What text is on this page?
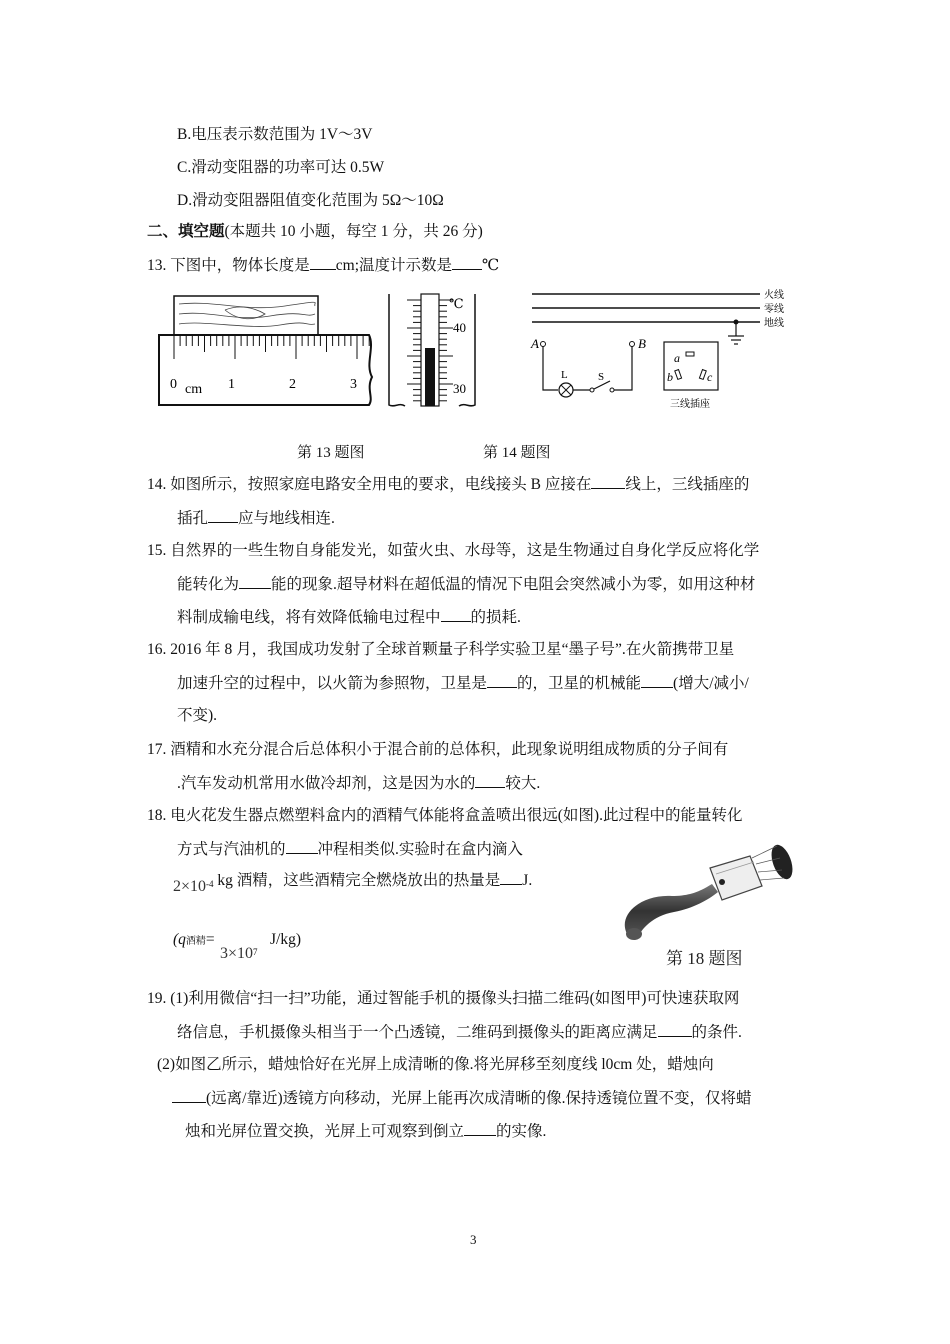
B.电压表示数范围为 1V～3V
C.滑动变阻器的功率可达 0.5W
D.滑动变阻器阻值变化范围为 5Ω～10Ω
二、填空题(本题共 10 小题，每空 1 分，共 26 分)
13. 下图中，物体长度是 cm;温度计示数是 ℃
0 cm 1	2	3
℃
40
30
火线
零线
地线
A	B
L	S
a
b	c
三线插座
第 13 题图	第 14 题图
14. 如图所示，按照家庭电路安全用电的要求，电线接头 B 应接在 线上，三线插座的
插孔 应与地线相连.
15. 自然界的一些生物自身能发光，如萤火虫、水母等，这是生物通过自身化学反应将化学
能转化为 能的现象.超导材料在超低温的情况下电阻会突然减小为零，如用这种材
料制成输电线，将有效降低输电过程中 的损耗.
16. 2016 年 8 月，我国成功发射了全球首颗量子科学实验卫星“墨子号”.在火箭携带卫星
加速升空的过程中，以火箭为参照物，卫星是 的，卫星的机械能 (增大/减小/
不变).
17. 酒精和水充分混合后总体积小于混合前的总体积，此现象说明组成物质的分子间有
.汽车发动机常用水做冷却剂，这是因为水的 较大.
18. 电火花发生器点燃塑料盒内的酒精气体能将盒盖喷出很远(如图).此过程中的能量转化
方式与汽油机的 冲程相类似.实验时在盒内滴入
$2\times 10^{-4}$ kg 酒精，这些酒精完全燃烧放出的热量是 J.
(q酒精=
$3\times 10^7$
J/kg)
第 18 题图
19. (1)利用微信“扫一扫”功能，通过智能手机的摄像头扫描二维码(如图甲)可快速获取网
络信息，手机摄像头相当于一个凸透镜，二维码到摄像头的距离应满足 的条件.
(2)如图乙所示，蜡烛恰好在光屏上成清晰的像.将光屏移至刻度线 l0cm 处，蜡烛向
(远离/靠近)透镜方向移动，光屏上能再次成清晰的像.保持透镜位置不变，仅将蜡
烛和光屏位置交换，光屏上可观察到倒立 的实像.
3
